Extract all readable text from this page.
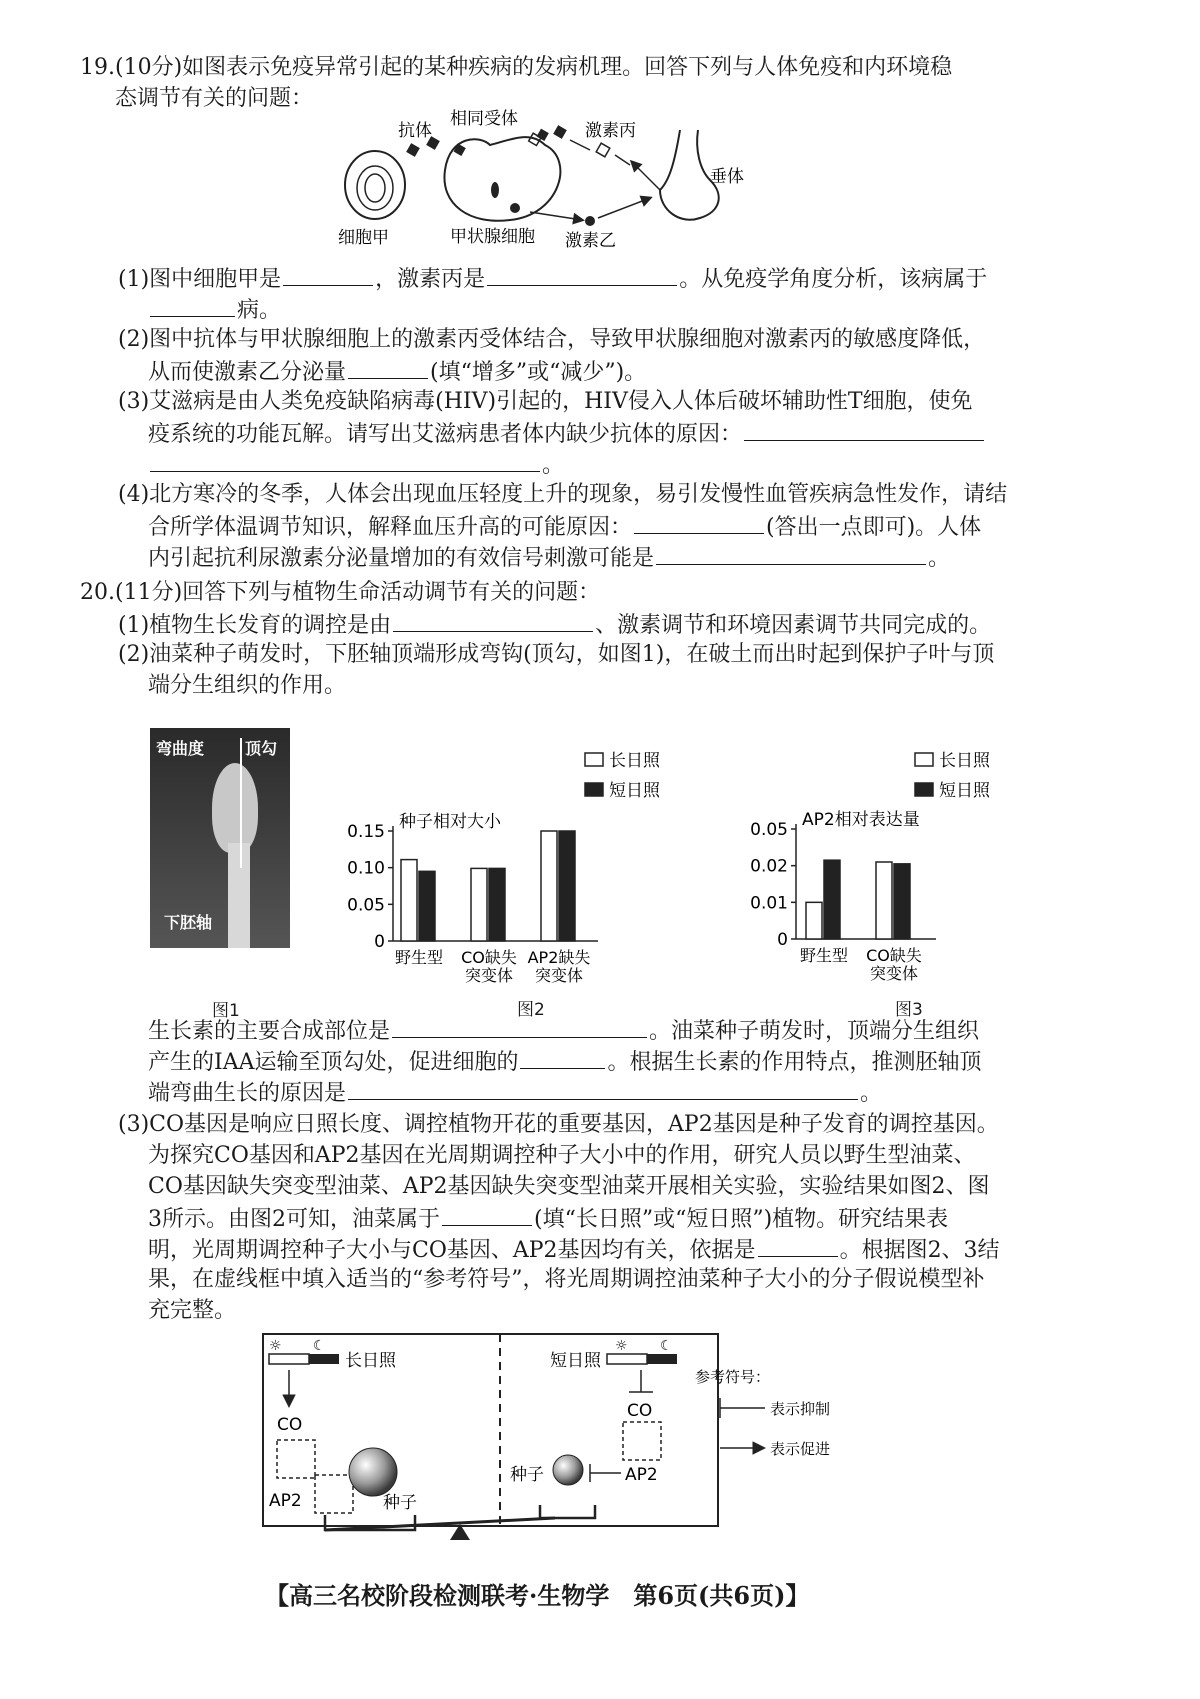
19.(10分)如图表示免疫异常引起的某种疾病的发病机理。回答下列与人体免疫和内环境稳
态调节有关的问题：
抗体
相同受体
激素丙
垂体
细胞甲	甲状腺细胞 激素乙
(1)图中细胞甲是	，激素丙是	。从免疫学角度分析，该病属于
病。
(2)图中抗体与甲状腺细胞上的激素丙受体结合，导致甲状腺细胞对激素丙的敏感度降低，
从而使激素乙分泌量	(填“增多”或“减少”)。
(3)艾滋病是由人类免疫缺陷病毒(HIV)引起的，HIV侵入人体后破坏辅助性T细胞，使免
疫系统的功能瓦解。请写出艾滋病患者体内缺少抗体的原因：
。
(4)北方寒冷的冬季，人体会出现血压轻度上升的现象，易引发慢性血管疾病急性发作，请结
合所学体温调节知识，解释血压升高的可能原因：	(答出一点即可)。人体
内引起抗利尿激素分泌量增加的有效信号刺激可能是	。
20.(11分)回答下列与植物生命活动调节有关的问题：
(1)植物生长发育的调控是由	、激素调节和环境因素调节共同完成的。
(2)油菜种子萌发时，下胚轴顶端形成弯钩(顶勾，如图1)，在破土而出时起到保护子叶与顶
端分生组织的作用。
弯曲度	顶勾
下胚轴
图1
0
0.05
0.10
0.15 种子相对大小
野生型 CO缺失
突变体
AP2缺失
突变体
长日照
短日照
图2
0
0.01
0.02
0.05 AP2相对表达量
野生型 CO缺失
突变体
长日照
短日照
图3
生长素的主要合成部位是	。油菜种子萌发时，顶端分生组织
产生的IAA运输至顶勾处，促进细胞的	。根据生长素的作用特点，推测胚轴顶
端弯曲生长的原因是	。
(3)CO基因是响应日照长度、调控植物开花的重要基因，AP2基因是种子发育的调控基因。
为探究CO基因和AP2基因在光周期调控种子大小中的作用，研究人员以野生型油菜、
CO基因缺失突变型油菜、AP2基因缺失突变型油菜开展相关实验，实验结果如图2、图
3所示。由图2可知，油菜属于	(填“长日照”或“短日照”)植物。研究结果表
明，光周期调控种子大小与CO基因、AP2基因均有关，依据是	。根据图2、3结
果，在虚线框中填入适当的“参考符号”，将光周期调控油菜种子大小的分子假说模型补
充完整。
☼ ☾
长日照
CO
AP2	种子
短日照
☼ ☾
CO
AP2
种子
参考符号：
表示抑制
表示促进
【高三名校阶段检测联考·生物学　第6页(共6页)】
